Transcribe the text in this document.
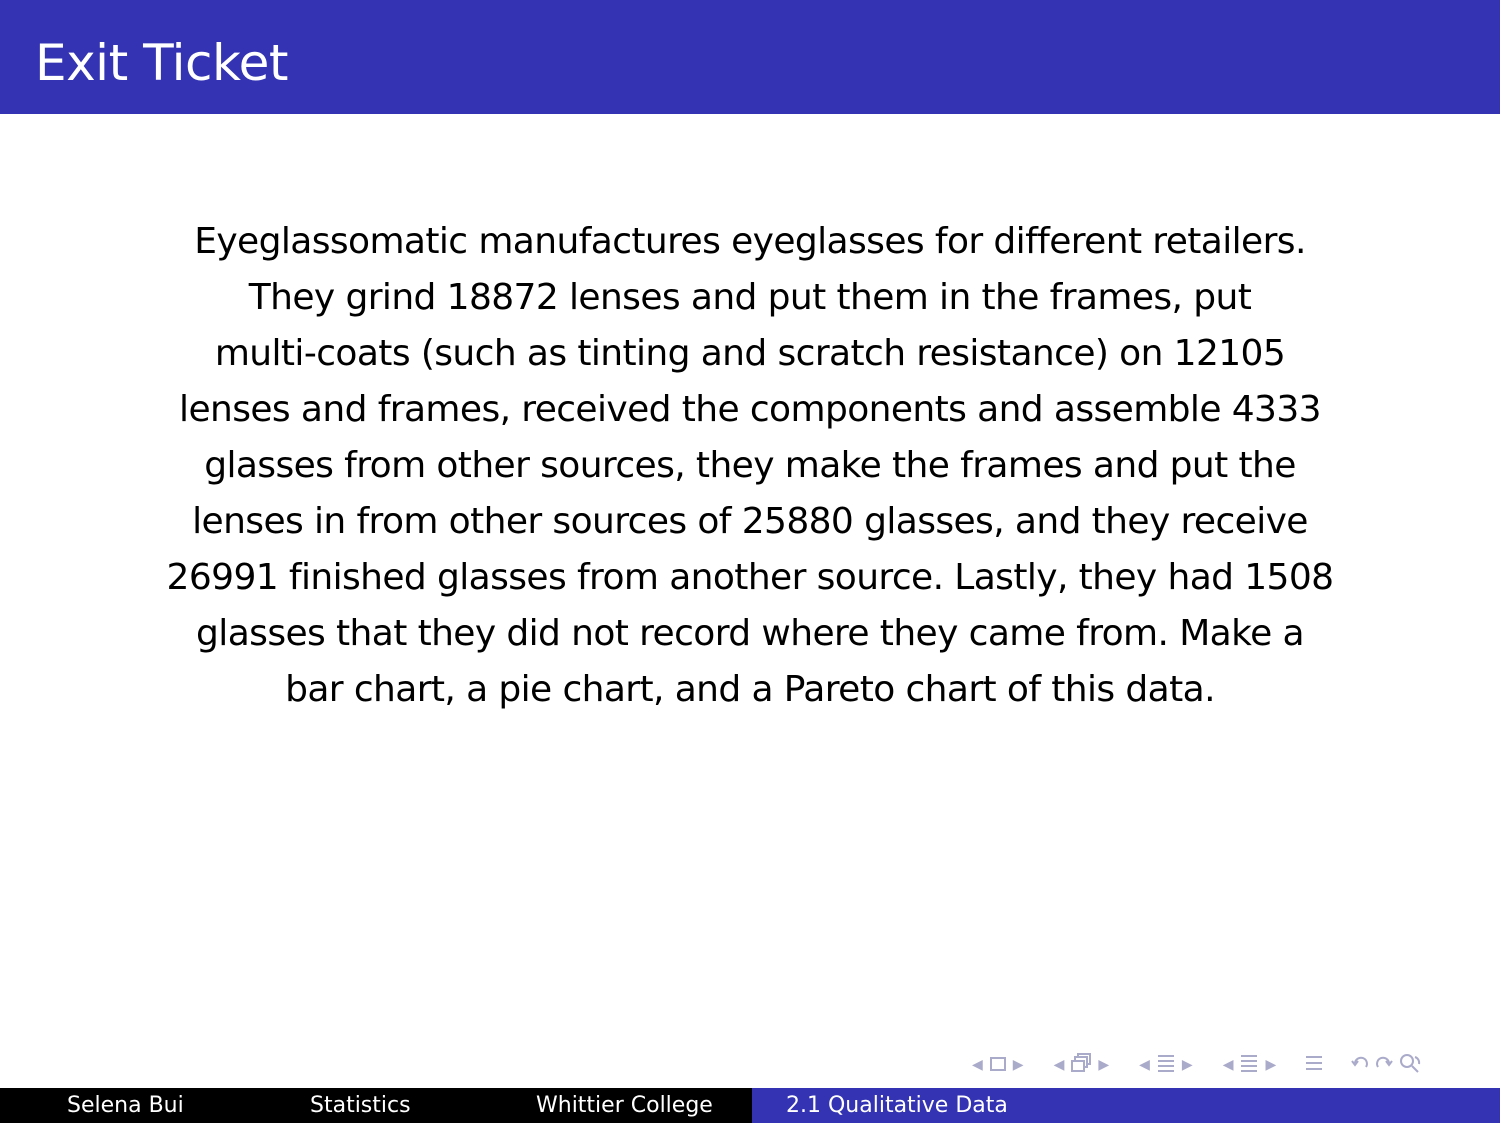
Exit Ticket
Eyeglassomatic manufactures eyeglasses for different retailers.
They grind 18872 lenses and put them in the frames, put
multi-coats (such as tinting and scratch resistance) on 12105
lenses and frames, received the components and assemble 4333
glasses from other sources, they make the frames and put the
lenses in from other sources of 25880 glasses, and they receive
26991 finished glasses from another source. Lastly, they had 1508
glasses that they did not record where they came from. Make a
bar chart, a pie chart, and a Pareto chart of this data.
◀ ▶ ◀ ▶ ◀ ▶ ◀ ▶
Selena Bui	Statistics	Whittier College	2.1 Qualitative Data
